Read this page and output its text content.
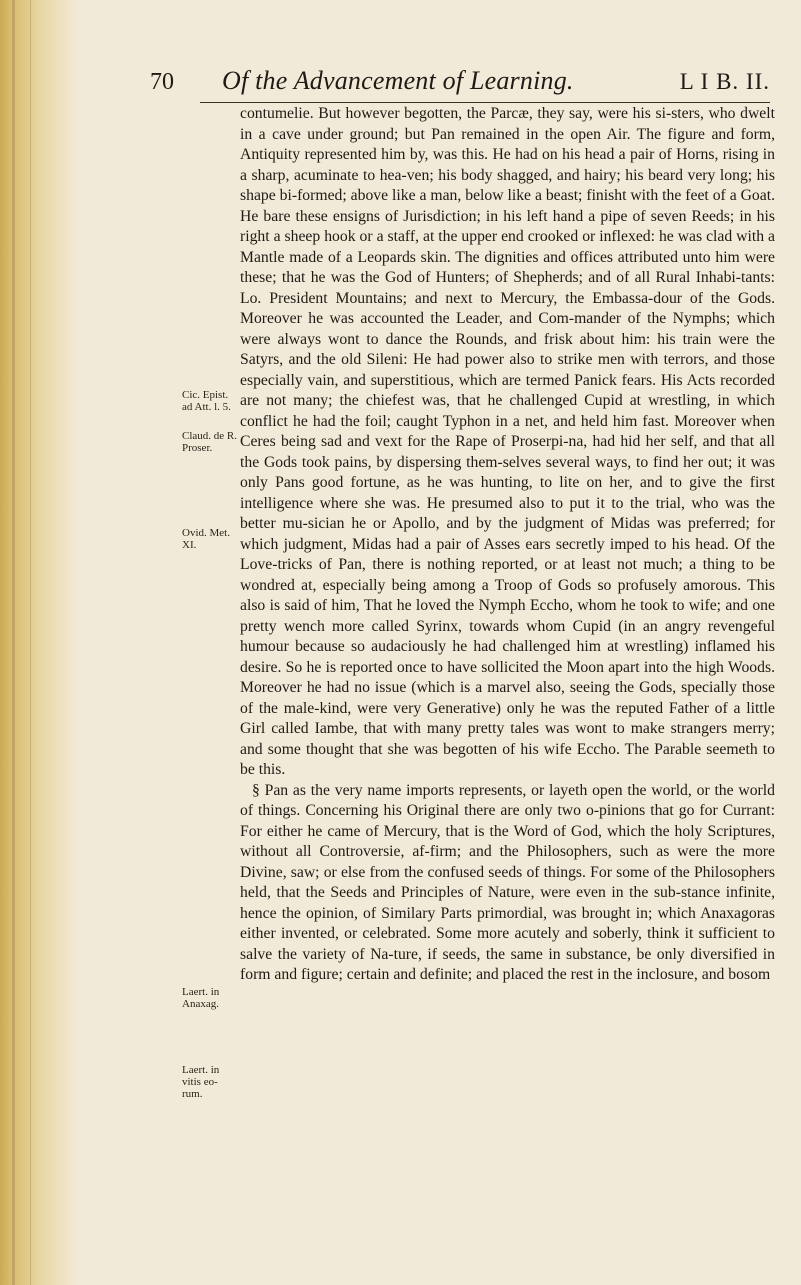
70	Of the Advancement of Learning.	L I B. II.
Cic. Epist. ad Att. l. 5.
Claud. de R. Proser.
Ovid. Met. XI.
Laert. in Anaxag.
Laert. in vitis eo-rum.

contumelie. But however begotten, the Parcæ, they say, were his si-sters, who dwelt in a cave under ground; but Pan remained in the open Air. The figure and form, Antiquity represented him by, was this. He had on his head a pair of Horns, rising in a sharp, acuminate to hea-ven; his body shagged, and hairy; his beard very long; his shape bi-formed; above like a man, below like a beast; finisht with the feet of a Goat. He bare these ensigns of Jurisdiction; in his left hand a pipe of seven Reeds; in his right a sheep hook or a staff, at the upper end crooked or inflexed: he was clad with a Mantle made of a Leopards skin. The dignities and offices attributed unto him were these; that he was the God of Hunters; of Shepherds; and of all Rural Inhabi-tants: Lo. President Mountains; and next to Mercury, the Embassa-dour of the Gods. Moreover he was accounted the Leader, and Com-mander of the Nymphs; which were always wont to dance the Rounds, and frisk about him: his train were the Satyrs, and the old Sileni: He had power also to strike men with terrors, and those especially vain, and superstitious, which are termed Panick fears. His Acts recorded are not many; the chiefest was, that he challenged Cupid at wrestling, in which conflict he had the foil; caught Typhon in a net, and held him fast. Moreover when Ceres being sad and vext for the Rape of Proserpi-na, had hid her self, and that all the Gods took pains, by dispersing them-selves several ways, to find her out; it was only Pans good fortune, as he was hunting, to lite on her, and to give the first intelligence where she was. He presumed also to put it to the trial, who was the better mu-sician he or Apollo, and by the judgment of Midas was preferred; for which judgment, Midas had a pair of Asses ears secretly imped to his head. Of the Love-tricks of Pan, there is nothing reported, or at least not much; a thing to be wondred at, especially being among a Troop of Gods so profusely amorous. This also is said of him, That he loved the Nymph Eccho, whom he took to wife; and one pretty wench more called Syrinx, towards whom Cupid (in an angry revengeful humour because so audaciously he had challenged him at wrestling) inflamed his desire. So he is reported once to have sollicited the Moon apart into the high Woods. Moreover he had no issue (which is a marvel also, seeing the Gods, specially those of the male-kind, were very Generative) only he was the reputed Father of a little Girl called Iambe, that with many pretty tales was wont to make strangers merry; and some thought that she was begotten of his wife Eccho. The Parable seemeth to be this.

§ Pan as the very name imports represents, or layeth open the world, or the world of things. Concerning his Original there are only two o-pinions that go for Currant: For either he came of Mercury, that is the Word of God, which the holy Scriptures, without all Controversie, af-firm; and the Philosophers, such as were the more Divine, saw; or else from the confused seeds of things. For some of the Philosophers held, that the Seeds and Principles of Nature, were even in the sub-stance infinite, hence the opinion, of Similary Parts primordial, was brought in; which Anaxagoras either invented, or celebrated. Some more acutely and soberly, think it sufficient to salve the variety of Na-ture, if seeds, the same in substance, be only diversified in form and figure; certain and definite; and placed the rest in the inclosure, and bosom
